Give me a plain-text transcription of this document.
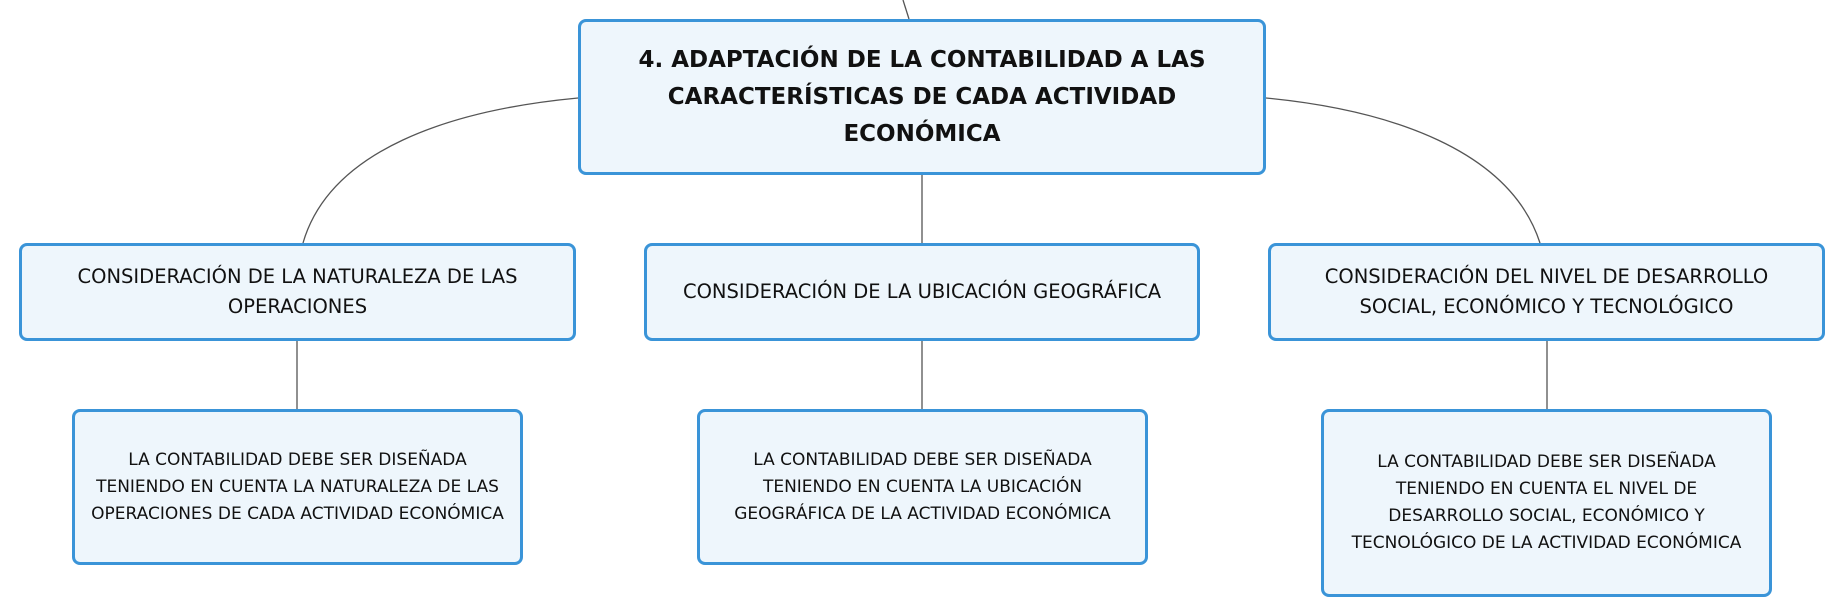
4. ADAPTACIÓN DE LA CONTABILIDAD A LAS CARACTERÍSTICAS DE CADA ACTIVIDAD ECONÓMICA
CONSIDERACIÓN DE LA NATURALEZA DE LAS OPERACIONES
CONSIDERACIÓN DE LA UBICACIÓN GEOGRÁFICA
CONSIDERACIÓN DEL NIVEL DE DESARROLLO SOCIAL, ECONÓMICO Y TECNOLÓGICO
LA CONTABILIDAD DEBE SER DISEÑADA TENIENDO EN CUENTA LA NATURALEZA DE LAS OPERACIONES DE CADA ACTIVIDAD ECONÓMICA
LA CONTABILIDAD DEBE SER DISEÑADA TENIENDO EN CUENTA LA UBICACIÓN GEOGRÁFICA DE LA ACTIVIDAD ECONÓMICA
LA CONTABILIDAD DEBE SER DISEÑADA TENIENDO EN CUENTA EL NIVEL DE DESARROLLO SOCIAL, ECONÓMICO Y TECNOLÓGICO DE LA ACTIVIDAD ECONÓMICA
